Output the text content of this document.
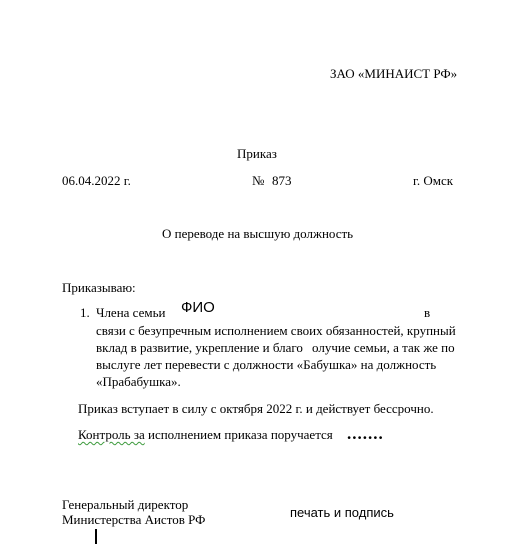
ЗАО «МИНАИСТ РФ»
Приказ
06.04.2022 г.	№ 873	г. Омск
О переводе на высшую должность
Приказываю:
1. Члена семьи ФИО	в
связи с безупречным исполнением своих обязанностей, крупный
вклад в развитие, укрепление и благо олучие семьи, а так же по
выслуге лет перевести с должности «Бабушка» на должность
«Прабабушка».
Приказ вступает в силу с октября 2022 г. и действует бессрочно.
Контроль за исполнением приказа поручается .......
Генеральный директор
Министерства Аистов РФ	печать и подпись
